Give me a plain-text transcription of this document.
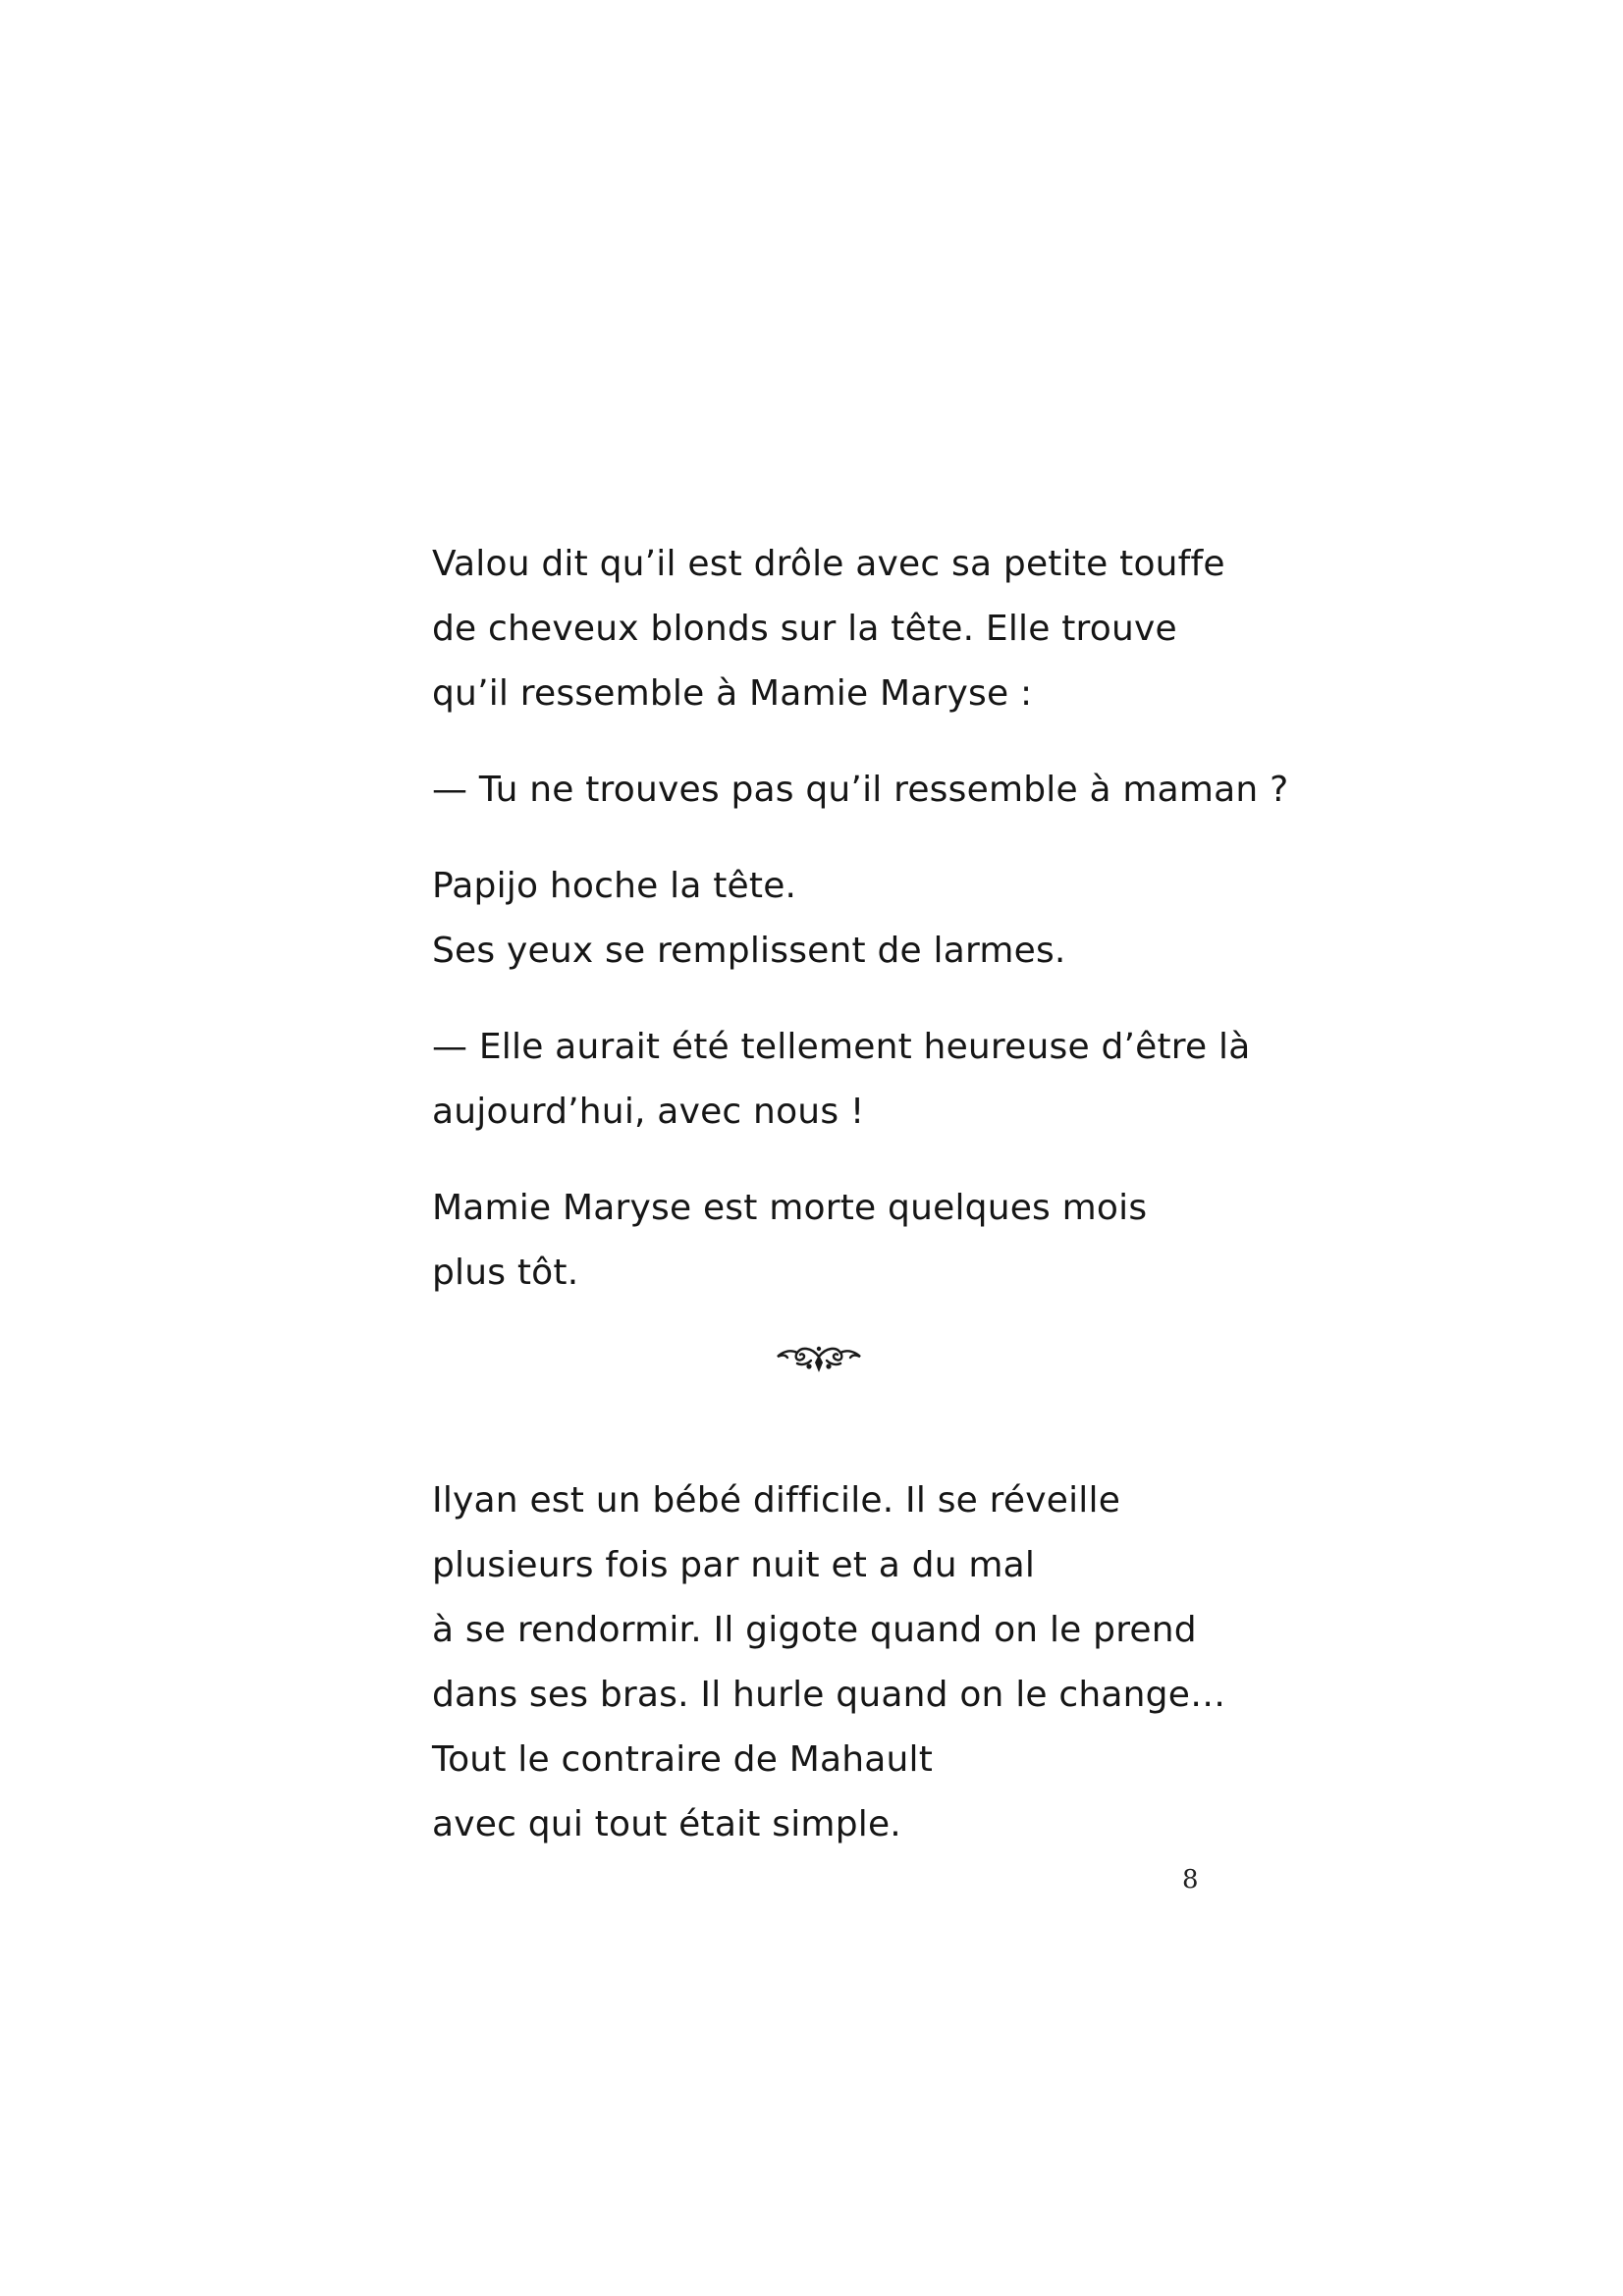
Valou dit qu’il est drôle avec sa petite touffe
de cheveux blonds sur la tête. Elle trouve
qu’il ressemble à Mamie Maryse :

— Tu ne trouves pas qu’il ressemble à maman ?

Papijo hoche la tête.
Ses yeux se remplissent de larmes.

— Elle aurait été tellement heureuse d’être là
aujourd’hui, avec nous !

Mamie Maryse est morte quelques mois
plus tôt.

Ilyan est un bébé difficile. Il se réveille
plusieurs fois par nuit et a du mal
à se rendormir. Il gigote quand on le prend
dans ses bras. Il hurle quand on le change…
Tout le contraire de Mahault
avec qui tout était simple.

8
